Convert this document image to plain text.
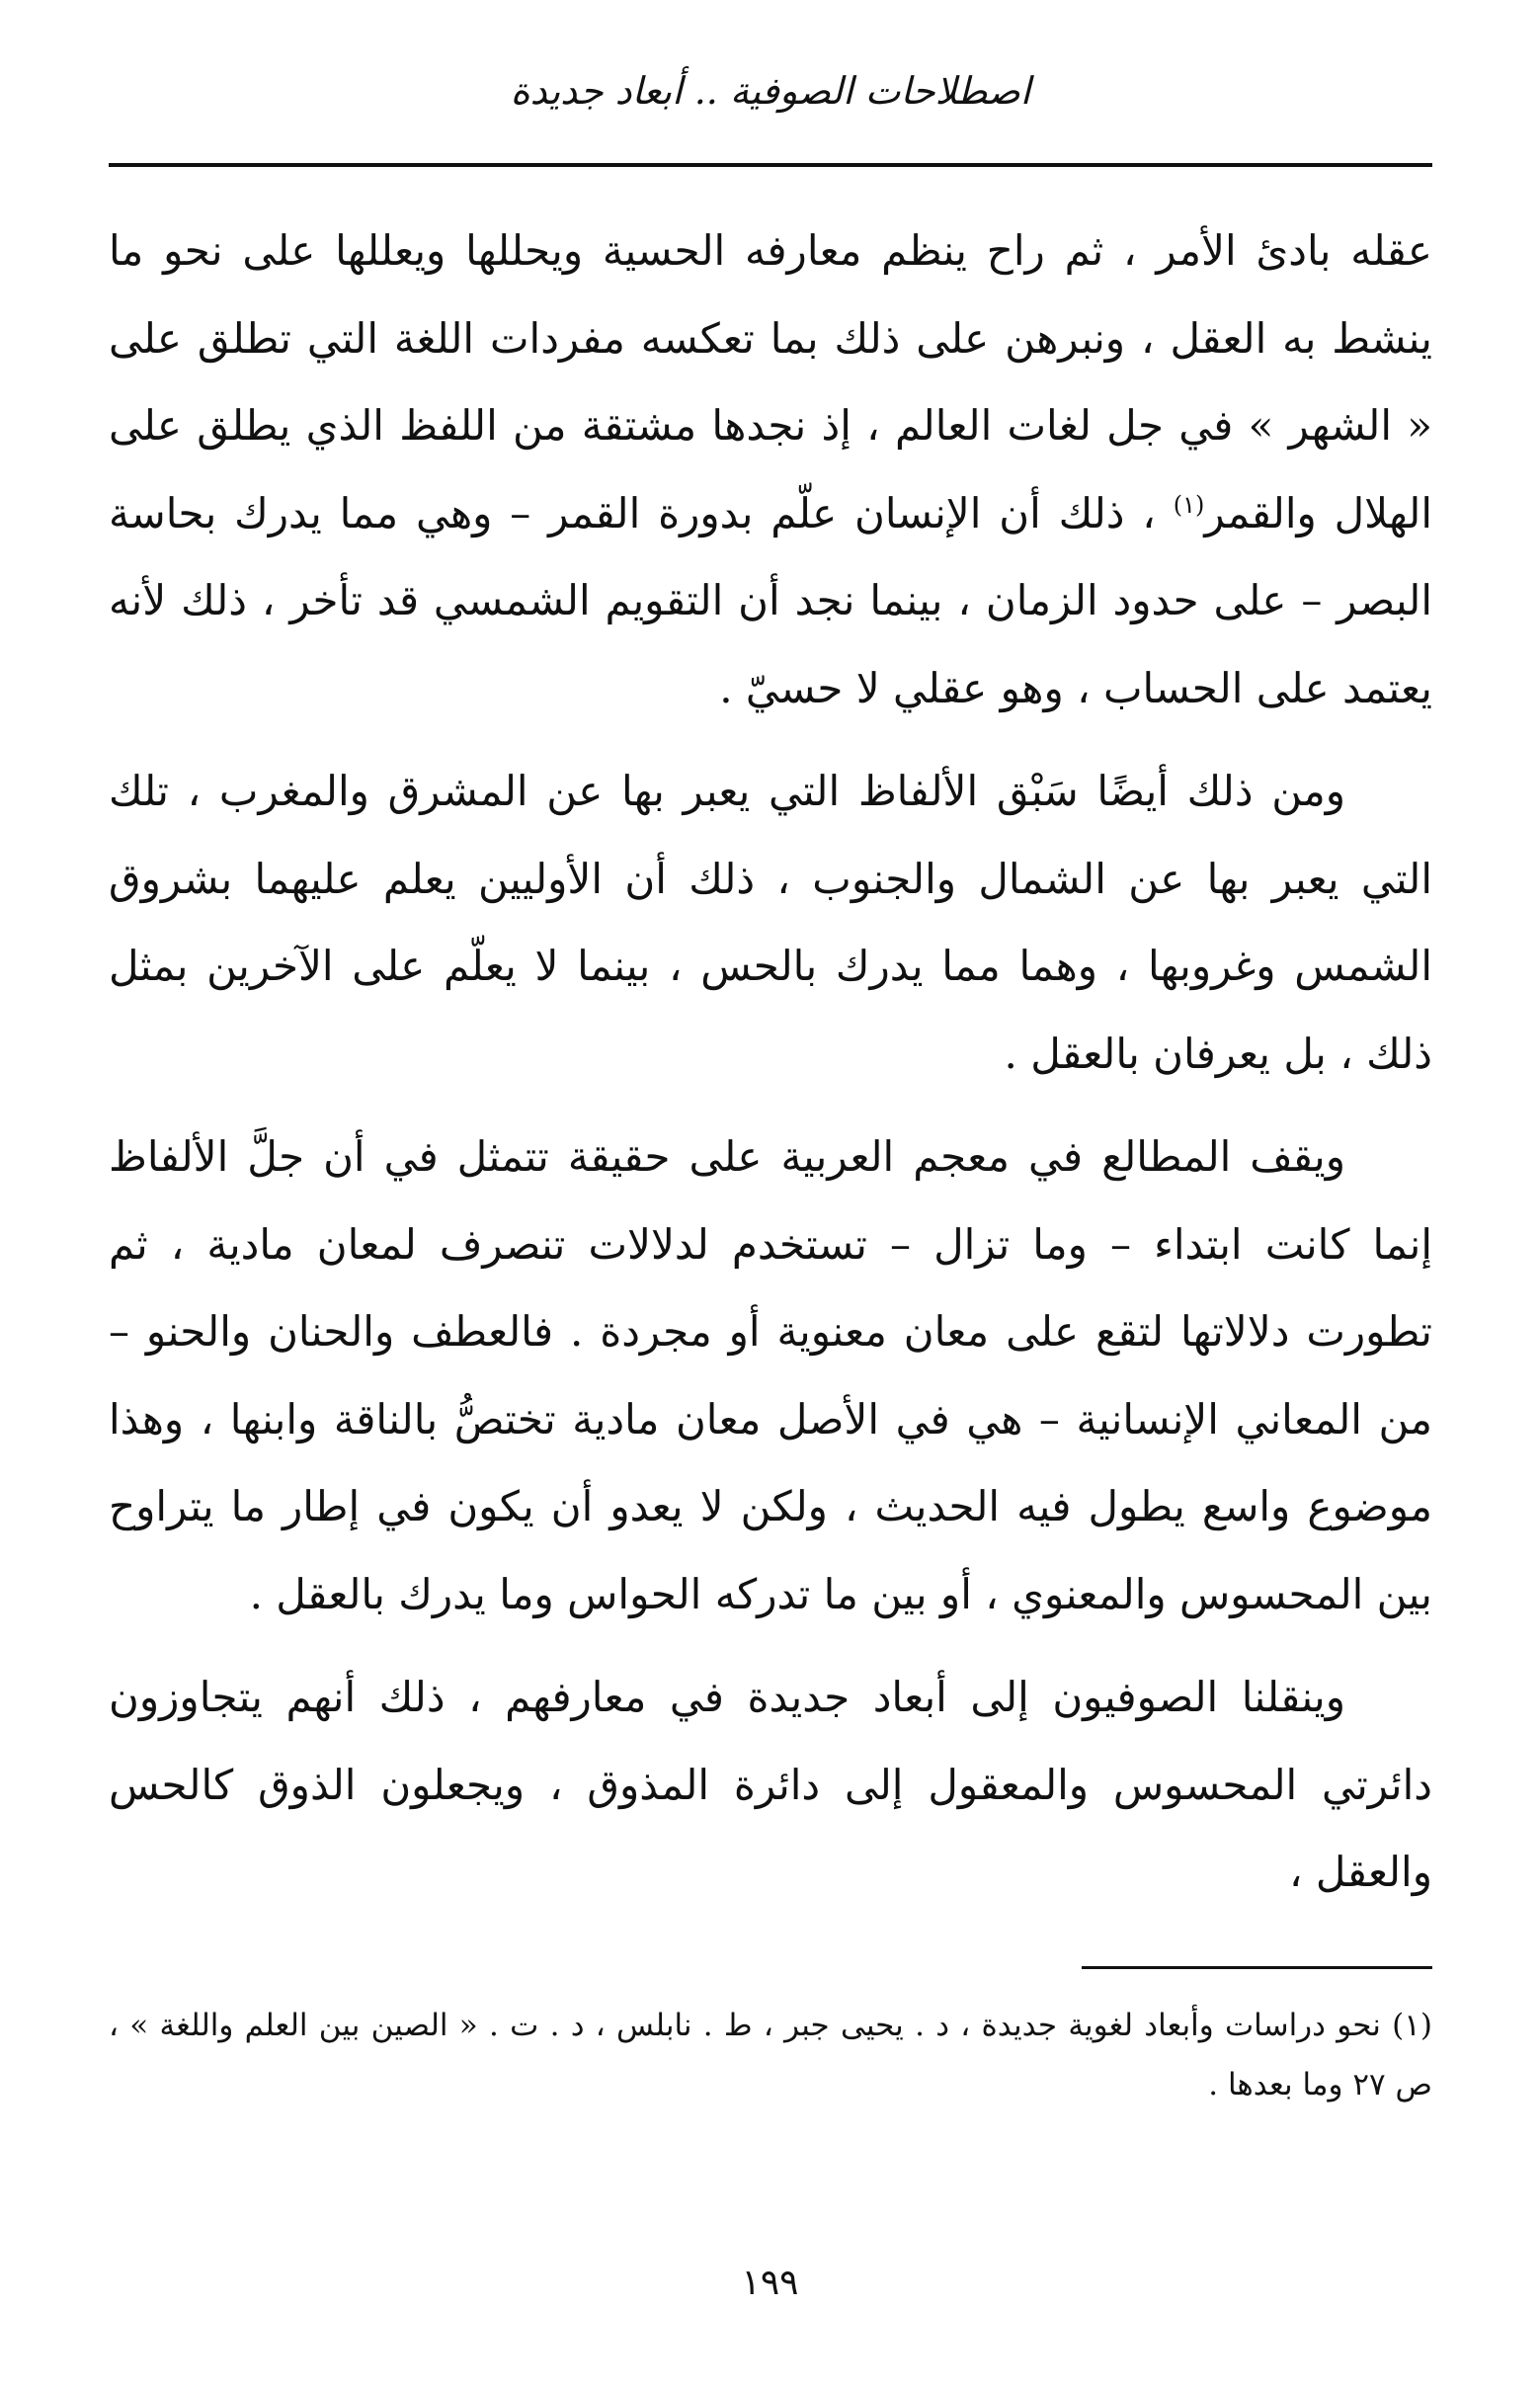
اصطلاحات الصوفية .. أبعاد جديدة

عقله بادئ الأمر ، ثم راح ينظم معارفه الحسية ويحللها ويعللها على نحو ما ينشط به العقل ، ونبرهن على ذلك بما تعكسه مفردات اللغة التي تطلق على « الشهر » في جل لغات العالم ، إذ نجدها مشتقة من اللفظ الذي يطلق على الهلال والقمر$^{(١)}$ ، ذلك أن الإنسان علّم بدورة القمر – وهي مما يدرك بحاسة البصر – على حدود الزمان ، بينما نجد أن التقويم الشمسي قد تأخر ، ذلك لأنه يعتمد على الحساب ، وهو عقلي لا حسيّ .

ومن ذلك أيضًا سَبْق الألفاظ التي يعبر بها عن المشرق والمغرب ، تلك التي يعبر بها عن الشمال والجنوب ، ذلك أن الأوليين يعلم عليهما بشروق الشمس وغروبها ، وهما مما يدرك بالحس ، بينما لا يعلّم على الآخرين بمثل ذلك ، بل يعرفان بالعقل .

ويقف المطالع في معجم العربية على حقيقة تتمثل في أن جلَّ الألفاظ إنما كانت ابتداء – وما تزال – تستخدم لدلالات تنصرف لمعان مادية ، ثم تطورت دلالاتها لتقع على معان معنوية أو مجردة . فالعطف والحنان والحنو – من المعاني الإنسانية – هي في الأصل معان مادية تختصُّ بالناقة وابنها ، وهذا موضوع واسع يطول فيه الحديث ، ولكن لا يعدو أن يكون في إطار ما يتراوح بين المحسوس والمعنوي ، أو بين ما تدركه الحواس وما يدرك بالعقل .

وينقلنا الصوفيون إلى أبعاد جديدة في معارفهم ، ذلك أنهم يتجاوزون دائرتي المحسوس والمعقول إلى دائرة المذوق ، ويجعلون الذوق كالحس والعقل ،

(١) نحو دراسات وأبعاد لغوية جديدة ، د . يحيى جبر ، ط . نابلس ، د . ت . « الصين بين العلم واللغة » ، ص ٢٧ وما بعدها .
١٩٩
